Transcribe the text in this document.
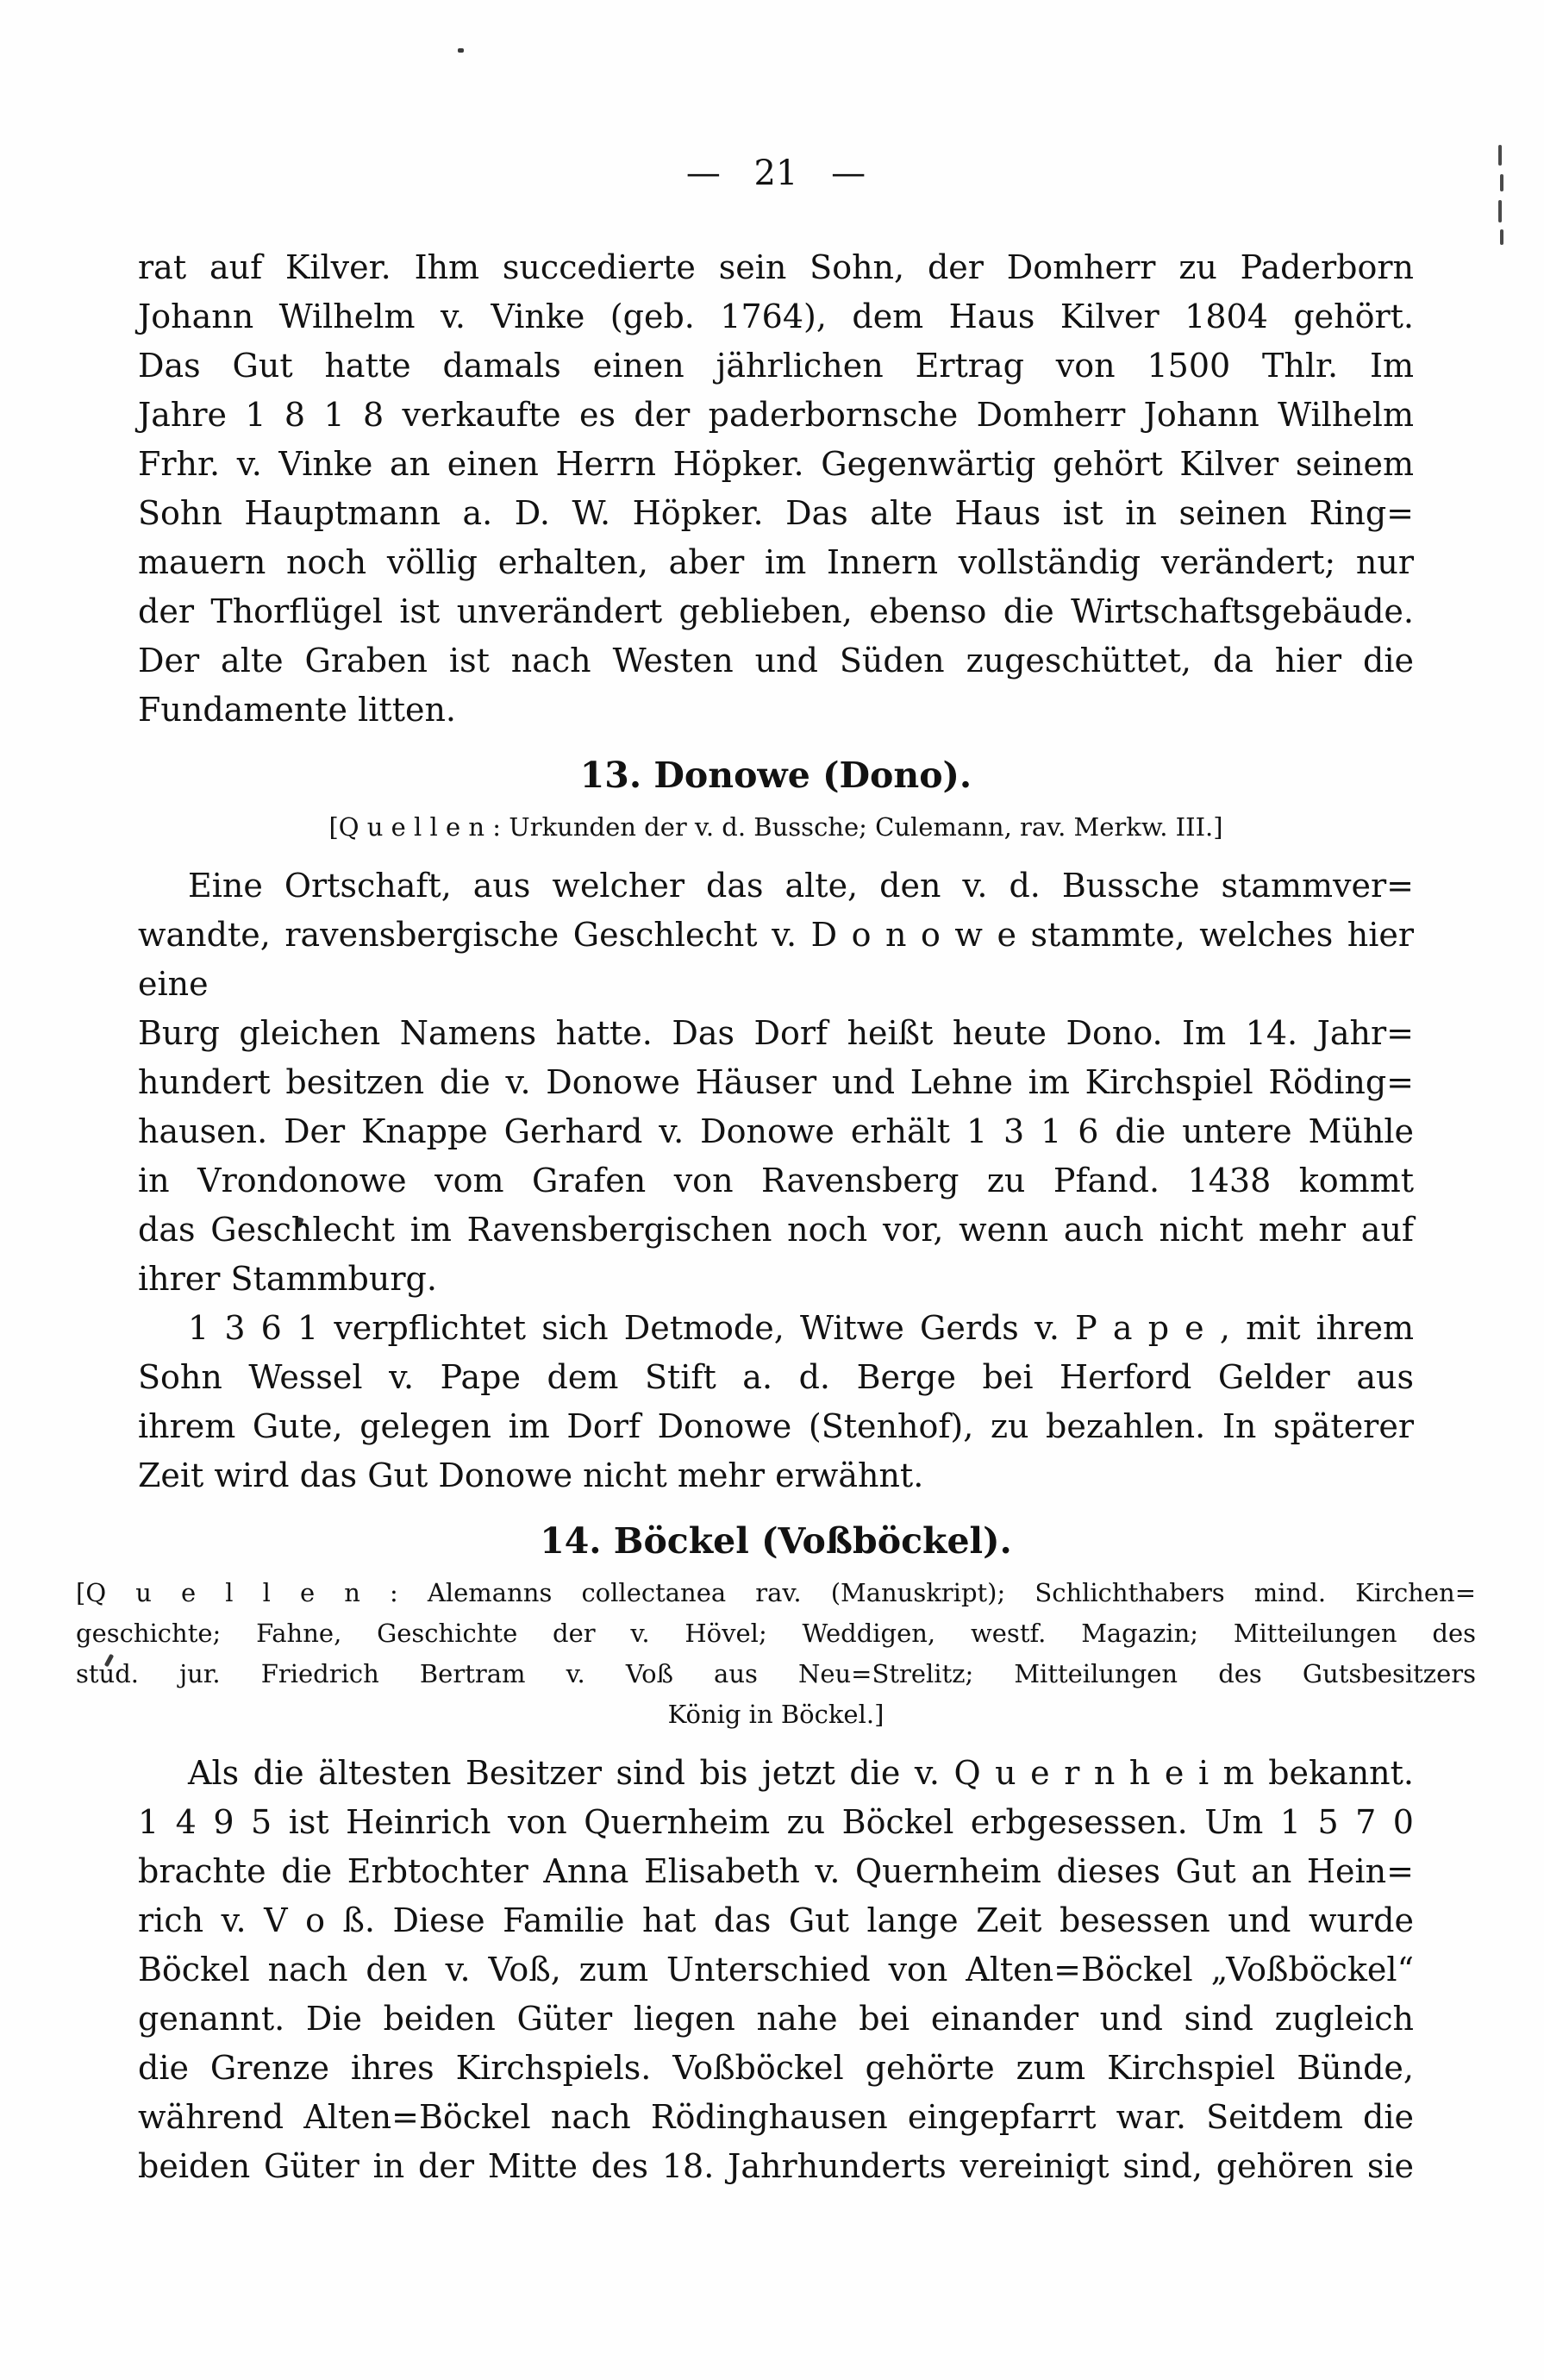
— 21 —
rat auf Kilver. Ihm succedierte sein Sohn, der Domherr zu Paderborn
Johann Wilhelm v. Vinke (geb. 1764), dem Haus Kilver 1804 gehört.
Das Gut hatte damals einen jährlichen Ertrag von 1500 Thlr. Im
Jahre 1 8 1 8 verkaufte es der paderbornsche Domherr Johann Wilhelm
Frhr. v. Vinke an einen Herrn Höpker. Gegenwärtig gehört Kilver seinem
Sohn Hauptmann a. D. W. Höpker. Das alte Haus ist in seinen Ring=
mauern noch völlig erhalten, aber im Innern vollständig verändert; nur
der Thorflügel ist unverändert geblieben, ebenso die Wirtschaftsgebäude.
Der alte Graben ist nach Westen und Süden zugeschüttet, da hier die
Fundamente litten.
13. Donowe (Dono).
[Q u e l l e n : Urkunden der v. d. Bussche; Culemann, rav. Merkw. III.]
Eine Ortschaft, aus welcher das alte, den v. d. Bussche stammver=
wandte, ravensbergische Geschlecht v. D o n o w e stammte, welches hier eine
Burg gleichen Namens hatte. Das Dorf heißt heute Dono. Im 14. Jahr=
hundert besitzen die v. Donowe Häuser und Lehne im Kirchspiel Röding=
hausen. Der Knappe Gerhard v. Donowe erhält 1 3 1 6 die untere Mühle
in Vrondonowe vom Grafen von Ravensberg zu Pfand. 1438 kommt
das Geschlecht im Ravensbergischen noch vor, wenn auch nicht mehr auf
ihrer Stammburg.
1 3 6 1 verpflichtet sich Detmode, Witwe Gerds v. P a p e , mit ihrem
Sohn Wessel v. Pape dem Stift a. d. Berge bei Herford Gelder aus
ihrem Gute, gelegen im Dorf Donowe (Stenhof), zu bezahlen. In späterer
Zeit wird das Gut Donowe nicht mehr erwähnt.
14. Böckel (Voßböckel).
[Q u e l l e n : Alemanns collectanea rav. (Manuskript); Schlichthabers mind. Kirchen=
geschichte; Fahne, Geschichte der v. Hövel; Weddigen, westf. Magazin; Mitteilungen des
stud. jur. Friedrich Bertram v. Voß aus Neu=Strelitz; Mitteilungen des Gutsbesitzers
König in Böckel.]
Als die ältesten Besitzer sind bis jetzt die v. Q u e r n h e i m bekannt.
1 4 9 5 ist Heinrich von Quernheim zu Böckel erbgesessen. Um 1 5 7 0
brachte die Erbtochter Anna Elisabeth v. Quernheim dieses Gut an Hein=
rich v. V o ß. Diese Familie hat das Gut lange Zeit besessen und wurde
Böckel nach den v. Voß, zum Unterschied von Alten=Böckel „Voßböckel“
genannt. Die beiden Güter liegen nahe bei einander und sind zugleich
die Grenze ihres Kirchspiels. Voßböckel gehörte zum Kirchspiel Bünde,
während Alten=Böckel nach Rödinghausen eingepfarrt war. Seitdem die
beiden Güter in der Mitte des 18. Jahrhunderts vereinigt sind, gehören sie
